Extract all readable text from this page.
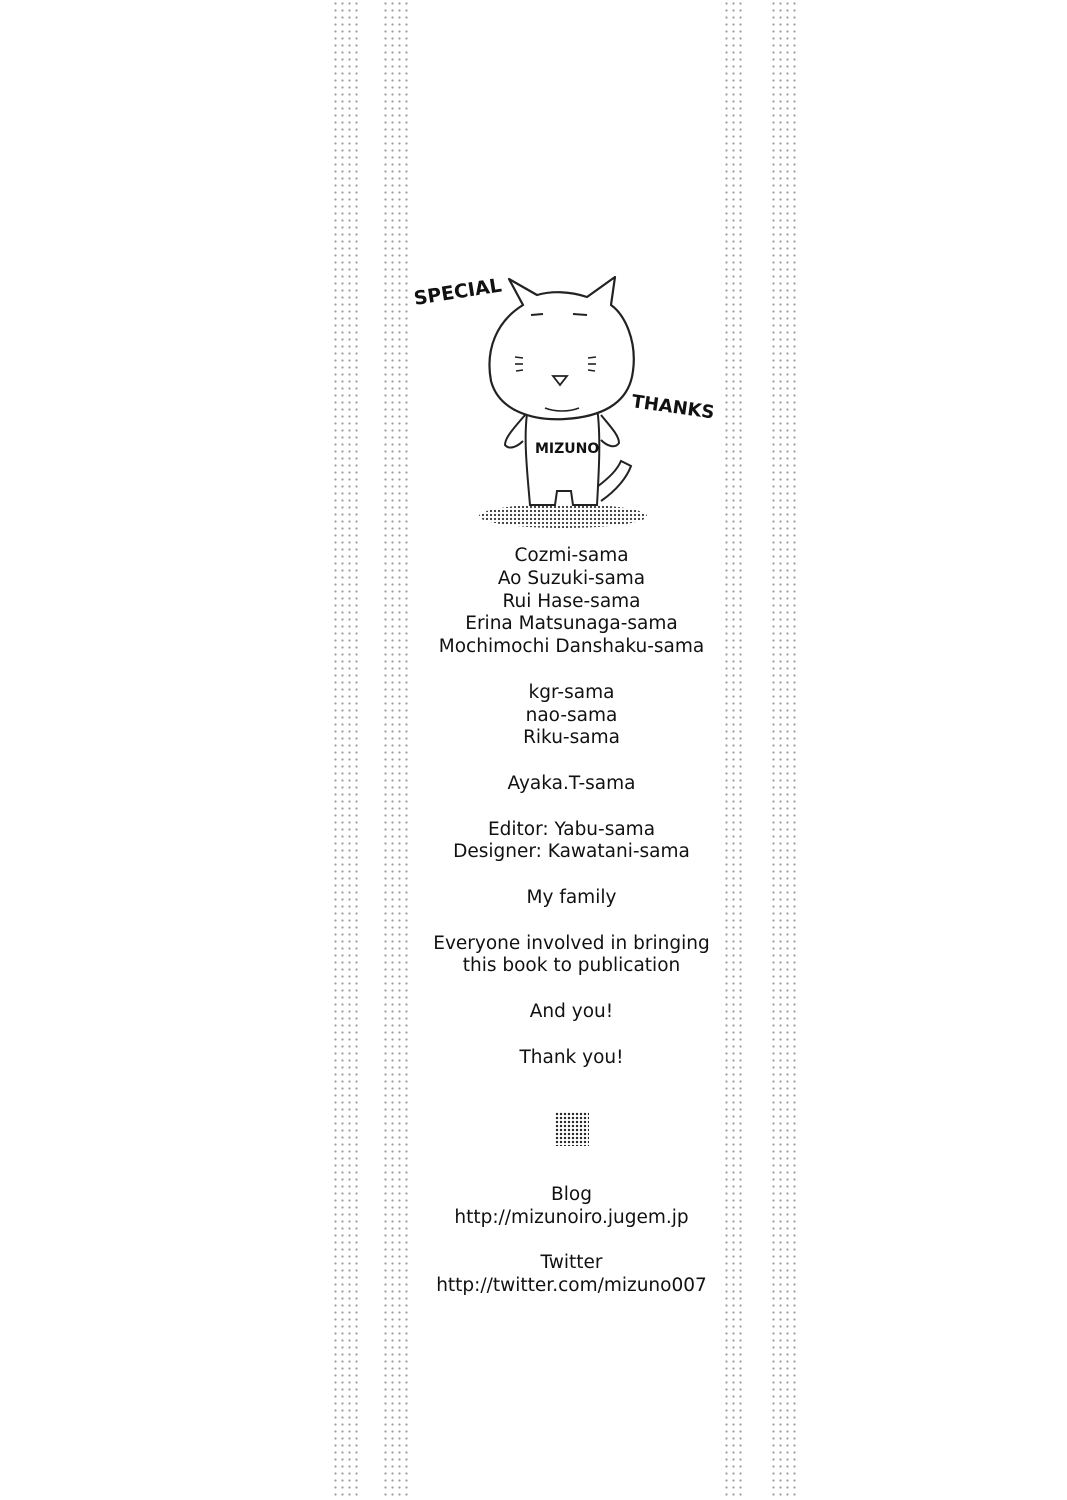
SPECIAL
THANKS
MIZUNO
Cozmi-sama
Ao Suzuki-sama
Rui Hase-sama
Erina Matsunaga-sama
Mochimochi Danshaku-sama
kgr-sama
nao-sama
Riku-sama
Ayaka.T-sama
Editor: Yabu-sama
Designer: Kawatani-sama
My family
Everyone involved in bringing
this book to publication
And you!
Thank you!
Blog
http://mizunoiro.jugem.jp
Twitter
http://twitter.com/mizuno007
